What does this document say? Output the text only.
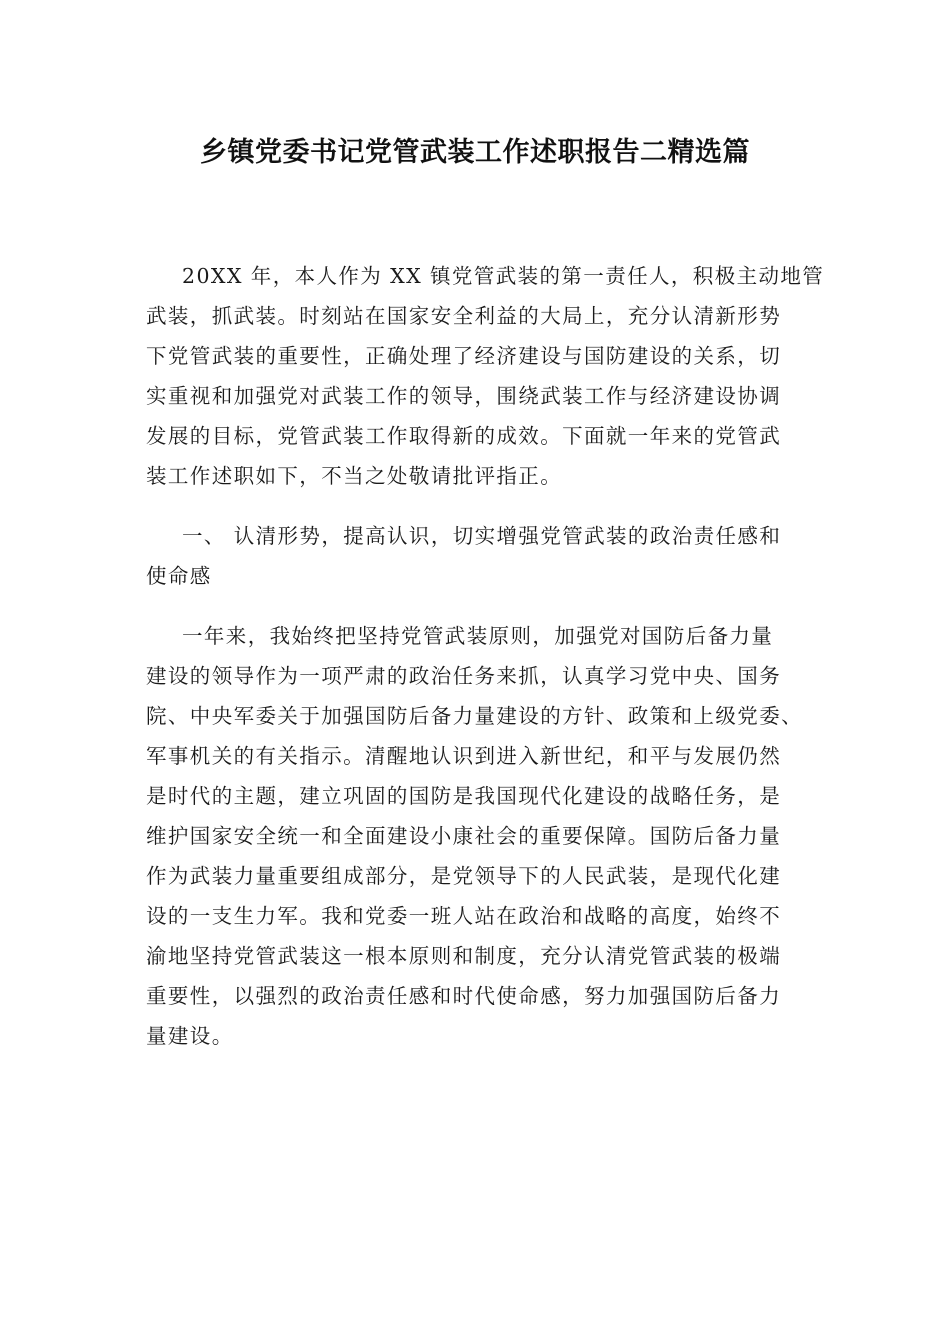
乡镇党委书记党管武装工作述职报告二精选篇

20XX 年，本人作为 XX 镇党管武装的第一责任人，积极主动地管
武装，抓武装。时刻站在国家安全利益的大局上，充分认清新形势
下党管武装的重要性，正确处理了经济建设与国防建设的关系，切
实重视和加强党对武装工作的领导，围绕武装工作与经济建设协调
发展的目标，党管武装工作取得新的成效。下面就一年来的党管武
装工作述职如下，不当之处敬请批评指正。

一、 认清形势，提高认识，切实增强党管武装的政治责任感和
使命感

一年来，我始终把坚持党管武装原则，加强党对国防后备力量
建设的领导作为一项严肃的政治任务来抓，认真学习党中央、国务
院、中央军委关于加强国防后备力量建设的方针、政策和上级党委、
军事机关的有关指示。清醒地认识到进入新世纪，和平与发展仍然
是时代的主题，建立巩固的国防是我国现代化建设的战略任务，是
维护国家安全统一和全面建设小康社会的重要保障。国防后备力量
作为武装力量重要组成部分，是党领导下的人民武装，是现代化建
设的一支生力军。我和党委一班人站在政治和战略的高度，始终不
渝地坚持党管武装这一根本原则和制度，充分认清党管武装的极端
重要性，以强烈的政治责任感和时代使命感，努力加强国防后备力
量建设。
